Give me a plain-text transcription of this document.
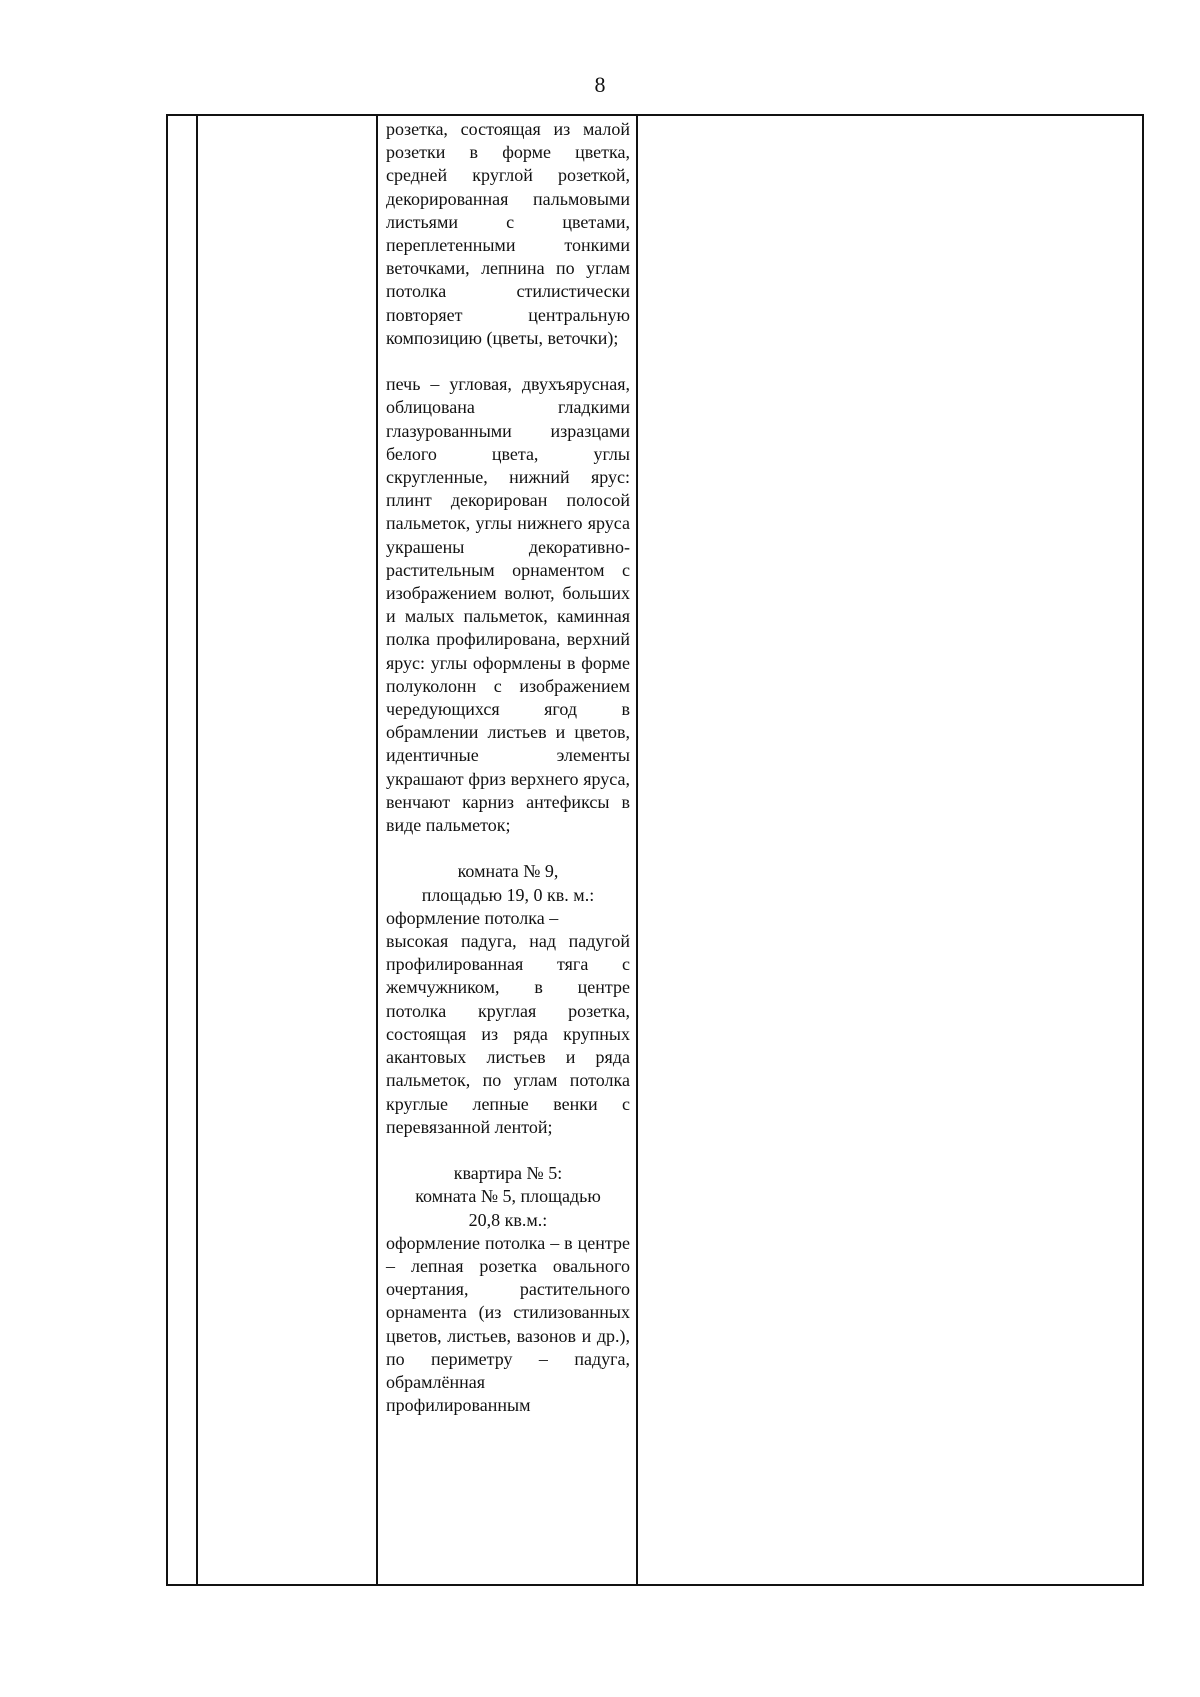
8

розетка, состоящая из малой розетки в форме цветка, средней круглой розеткой, декорированная пальмовыми листьями с цветами, переплетенными тонкими веточками, лепнина по углам потолка стилистически повторяет центральную композицию (цветы, веточки);

печь – угловая, двухъярусная, облицована гладкими глазурованными изразцами белого цвета, углы скругленные, нижний ярус: плинт декорирован полосой пальметок, углы нижнего яруса украшены декоративно-растительным орнаментом с изображением волют, больших и малых пальметок, каминная полка профилирована, верхний ярус: углы оформлены в форме полуколонн с изображением чередующихся ягод в обрамлении листьев и цветов, идентичные элементы украшают фриз верхнего яруса, венчают карниз антефиксы в виде пальметок;

комната № 9,
площадью 19, 0 кв. м.:

оформление потолка –

высокая падуга, над падугой профилированная тяга с жемчужником, в центре потолка круглая розетка, состоящая из ряда крупных акантовых листьев и ряда пальметок, по углам потолка круглые лепные венки с перевязанной лентой;

квартира № 5:
комната № 5, площадью
20,8 кв.м.:

оформление потолка – в центре – лепная розетка овального очертания, растительного орнамента (из стилизованных цветов, листьев, вазонов и др.), по периметру – падуга, обрамлённая профилированным
